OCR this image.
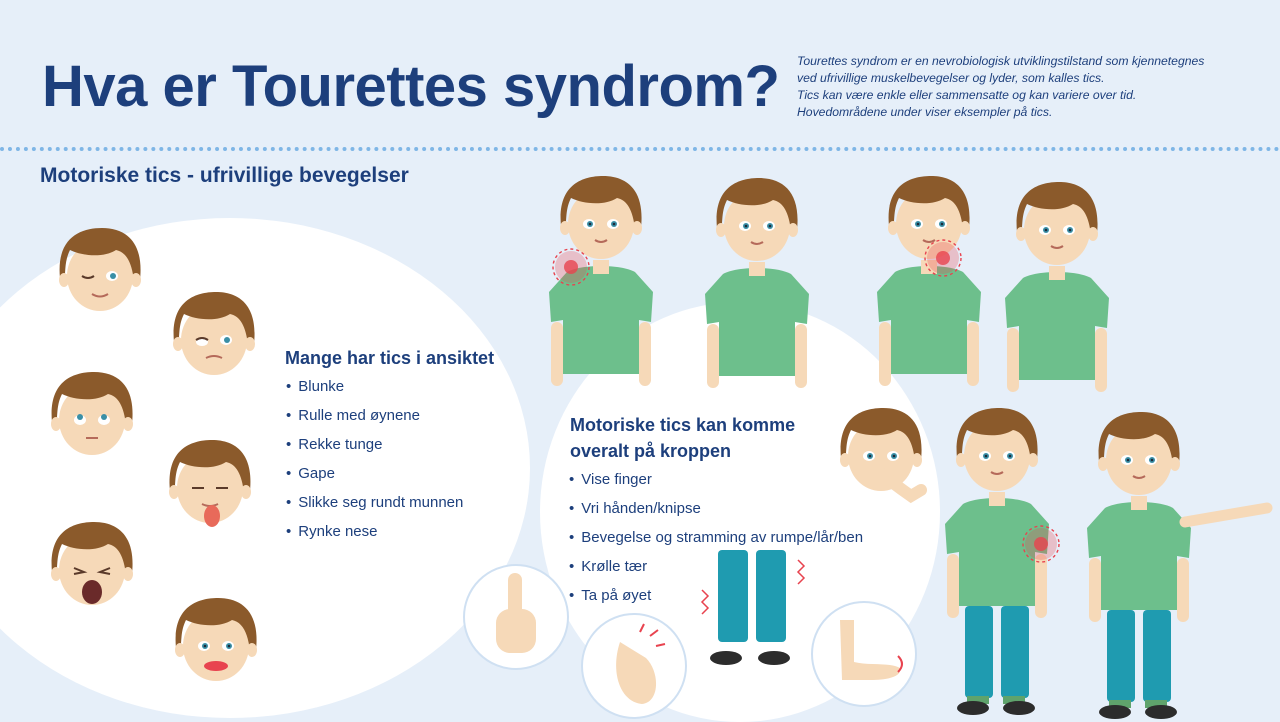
Hva er Tourettes syndrom? Tourettes syndrom er en nevrobiologisk utviklingstilstand som kjennetegnes
ved ufrivillige muskelbevegelser og lyder, som kalles tics.
Tics kan være enkle eller sammensatte og kan variere over tid.
Hovedområdene under viser eksempler på tics.
Motoriske tics - ufrivillige bevegelser
Mange har tics i ansiktet
• Blunke
• Rulle med øynene
• Rekke tunge
• Gape
• Slikke seg rundt munnen
• Rynke nese
Motoriske tics kan komme
overalt på kroppen
• Vise finger
• Vri hånden/knipse
• Bevegelse og stramming av rumpe/lår/ben
• Krølle tær
• Ta på øyet
